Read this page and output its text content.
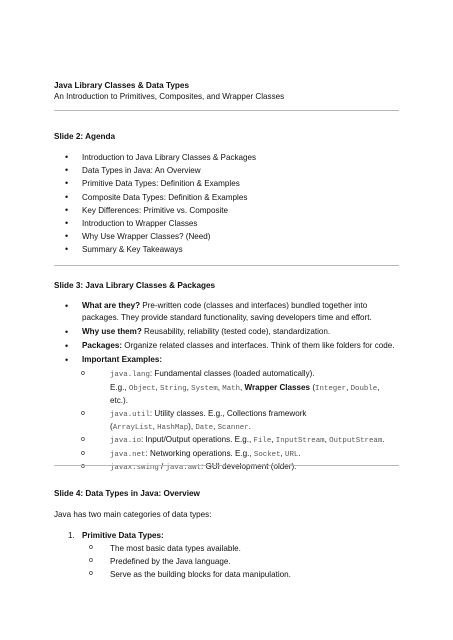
Java Library Classes & Data Types
An Introduction to Primitives, Composites, and Wrapper Classes
Slide 2: Agenda
• Introduction to Java Library Classes & Packages
• Data Types in Java: An Overview
• Primitive Data Types: Definition & Examples
• Composite Data Types: Definition & Examples
• Key Differences: Primitive vs. Composite
• Introduction to Wrapper Classes
• Why Use Wrapper Classes? (Need)
• Summary & Key Takeaways
Slide 3: Java Library Classes & Packages
• What are they? Pre-written code (classes and interfaces) bundled together into packages. They provide standard functionality, saving developers time and effort.
• Why use them? Reusability, reliability (tested code), standardization.
• Packages: Organize related classes and interfaces. Think of them like folders for code.
• Important Examples:
o java.lang: Fundamental classes (loaded automatically).
E.g., Object, String, System, Math, Wrapper Classes (Integer, Double,
etc.).
o java.util: Utility classes. E.g., Collections framework
(ArrayList, HashMap), Date, Scanner.
o java.io: Input/Output operations. E.g., File, InputStream, OutputStream.
o java.net: Networking operations. E.g., Socket, URL.
o javax.swing / java.awt: GUI development (older).
Slide 4: Data Types in Java: Overview
Java has two main categories of data types:
1. Primitive Data Types:
o The most basic data types available.
o Predefined by the Java language.
o Serve as the building blocks for data manipulation.
